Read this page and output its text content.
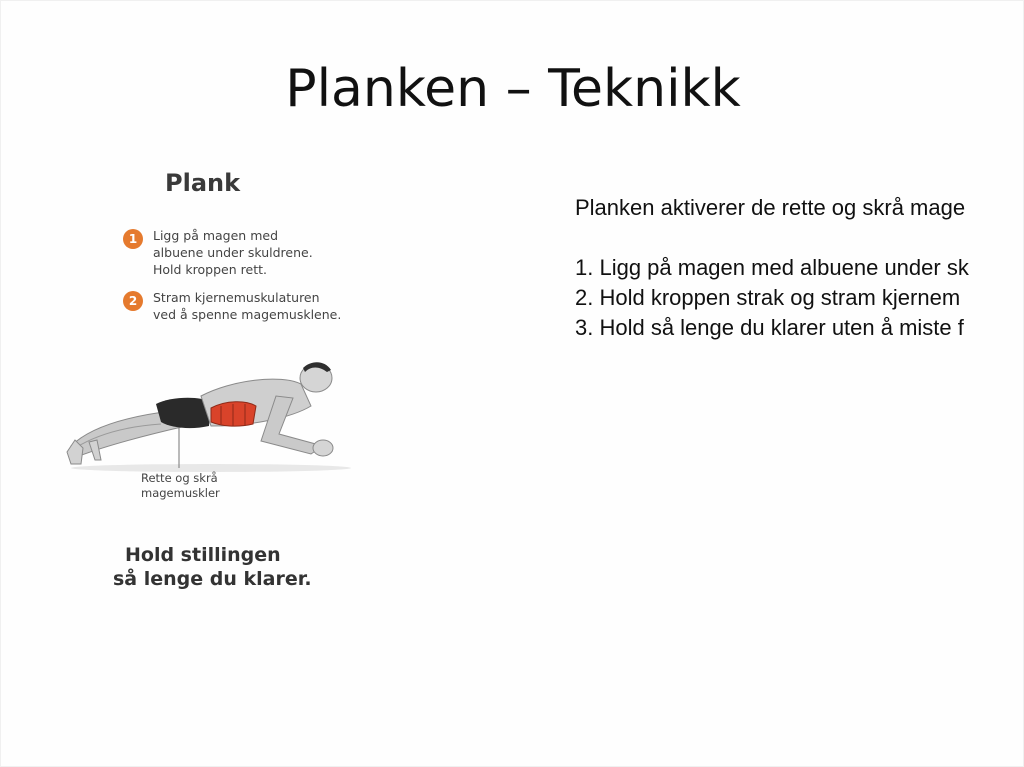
Planken – Teknikk
Plank
1	Ligg på magen med
albuene under skuldrene.
Hold kroppen rett.
2	Stram kjernemuskulaturen
ved å spenne magemusklene.
Rette og skrå
magemuskler
Hold stillingen
så lenge du klarer.
Planken aktiverer de rette og skrå mage
1. Ligg på magen med albuene under sk
2. Hold kroppen strak og stram kjernem
3. Hold så lenge du klarer uten å miste f
